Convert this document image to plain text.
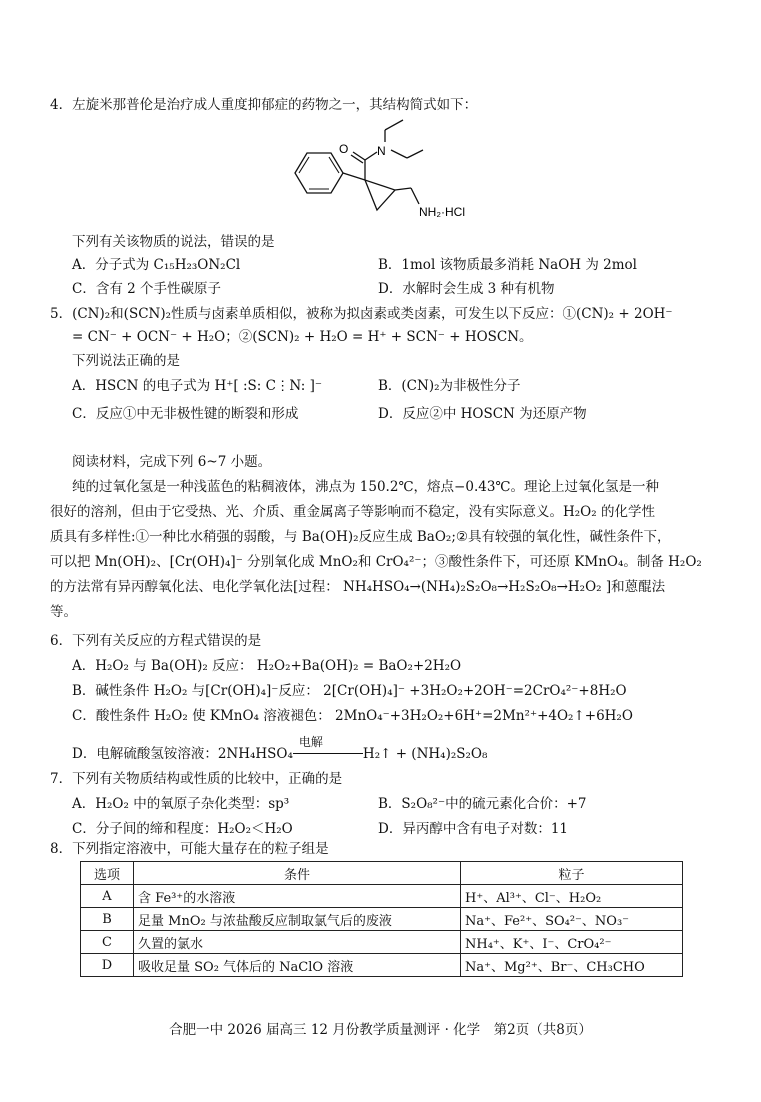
4．左旋米那普伦是治疗成人重度抑郁症的药物之一，其结构简式如下：
O N
NH₂·HCl
下列有关该物质的说法，错误的是
A．分子式为 C₁₅H₂₃ON₂Cl	B．1mol 该物质最多消耗 NaOH 为 2mol
C．含有 2 个手性碳原子	D．水解时会生成 3 种有机物
5．(CN)₂和(SCN)₂性质与卤素单质相似，被称为拟卤素或类卤素，可发生以下反应：①(CN)₂ + 2OH⁻
= CN⁻ + OCN⁻ + H₂O；②(SCN)₂ + H₂O = H⁺ + SCN⁻ + HOSCN。
下列说法正确的是
A．HSCN 的电子式为 H⁺[ :S: C⋮N: ]⁻	B．(CN)₂为非极性分子
C．反应①中无非极性键的断裂和形成	D．反应②中 HOSCN 为还原产物
阅读材料，完成下列 6~7 小题。
纯的过氧化氢是一种浅蓝色的粘稠液体，沸点为 150.2℃，熔点−0.43℃。理论上过氧化氢是一种
很好的溶剂，但由于它受热、光、介质、重金属离子等影响而不稳定，没有实际意义。H₂O₂ 的化学性
质具有多样性:①一种比水稍强的弱酸，与 Ba(OH)₂反应生成 BaO₂;②具有较强的氧化性，碱性条件下，
可以把 Mn(OH)₂、[Cr(OH)₄]⁻ 分别氧化成 MnO₂和 CrO₄²⁻；③酸性条件下，可还原 KMnO₄。制备 H₂O₂
的方法常有异丙醇氧化法、电化学氧化法[过程： NH₄HSO₄→(NH₄)₂S₂O₈→H₂S₂O₈→H₂O₂ ]和蒽醌法
等。
6．下列有关反应的方程式错误的是
A．H₂O₂ 与 Ba(OH)₂ 反应： H₂O₂+Ba(OH)₂ = BaO₂+2H₂O
B．碱性条件 H₂O₂ 与[Cr(OH)₄]⁻反应： 2[Cr(OH)₄]⁻ +3H₂O₂+2OH⁻=2CrO₄²⁻+8H₂O
C．酸性条件 H₂O₂ 使 KMnO₄ 溶液褪色： 2MnO₄⁻+3H₂O₂+6H⁺=2Mn²⁺+4O₂↑+6H₂O
D．电解硫酸氢铵溶液：2NH₄HSO₄
电解
H₂↑ + (NH₄)₂S₂O₈
7．下列有关物质结构或性质的比较中，正确的是
A．H₂O₂ 中的氧原子杂化类型：sp³	B．S₂O₈²⁻中的硫元素化合价：+7
C．分子间的缔和程度：H₂O₂＜H₂O	D．异丙醇中含有电子对数：11
8．下列指定溶液中，可能大量存在的粒子组是
选项	条件	粒子
A	含 Fe³⁺的水溶液	H⁺、Al³⁺、Cl⁻、H₂O₂
B	足量 MnO₂ 与浓盐酸反应制取氯气后的废液	Na⁺、Fe²⁺、SO₄²⁻、NO₃⁻
C	久置的氯水	NH₄⁺、K⁺、I⁻、CrO₄²⁻
D	吸收足量 SO₂ 气体后的 NaClO 溶液	Na⁺、Mg²⁺、Br⁻、CH₃CHO
合肥一中 2026 届高三 12 月份教学质量测评 · 化学　第2页（共8页）
